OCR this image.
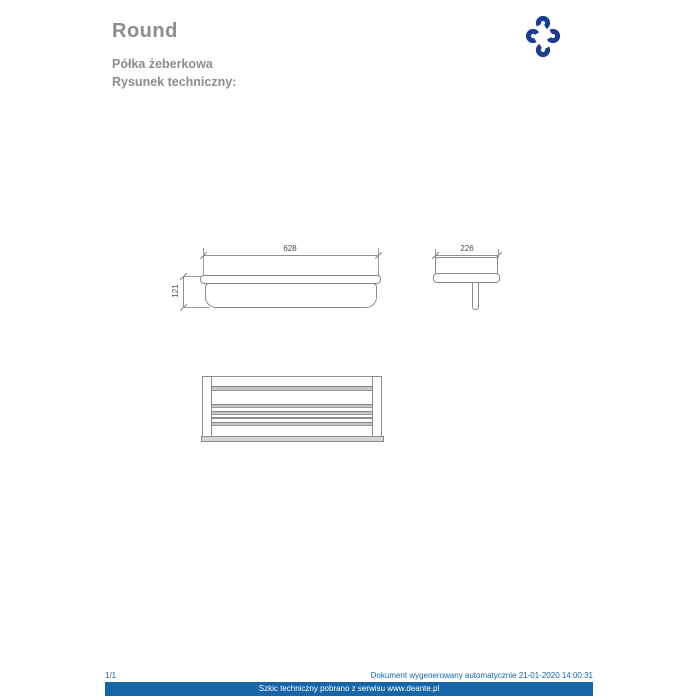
Round
Półka żeberkowa
Rysunek techniczny:
628
121
226
1/1	Dokument wygenerowany automatycznie 21-01-2020 14:00:31
Szkic techniczny pobrano z serwisu www.deante.pl
